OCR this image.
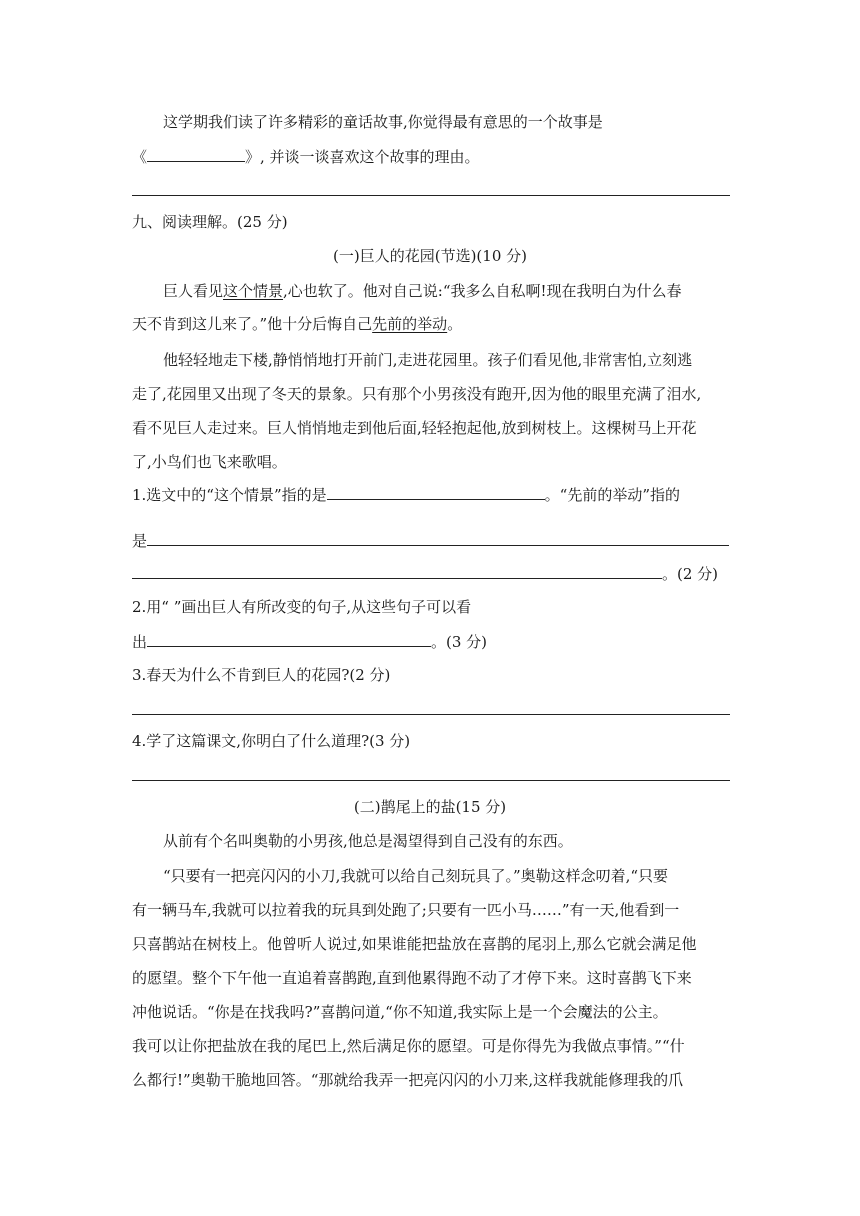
这学期我们读了许多精彩的童话故事,你觉得最有意思的一个故事是
《	》, 并谈一谈喜欢这个故事的理由。
九、阅读理解。(25 分)
(一)巨人的花园(节选)(10 分)
巨人看见这个情景,心也软了。他对自己说:“我多么自私啊!现在我明白为什么春
天不肯到这儿来了。”他十分后悔自己先前的举动。
他轻轻地走下楼,静悄悄地打开前门,走进花园里。孩子们看见他,非常害怕,立刻逃
走了,花园里又出现了冬天的景象。只有那个小男孩没有跑开,因为他的眼里充满了泪水,
看不见巨人走过来。巨人悄悄地走到他后面,轻轻抱起他,放到树枝上。这棵树马上开花
了,小鸟们也飞来歌唱。
1.选文中的“这个情景”指的是	。“先前的举动”指的
是
。(2 分)
2.用“ ”画出巨人有所改变的句子,从这些句子可以看
出	。(3 分)
3.春天为什么不肯到巨人的花园?(2 分)
4.学了这篇课文,你明白了什么道理?(3 分)
(二)鹊尾上的盐(15 分)
从前有个名叫奥勒的小男孩,他总是渴望得到自己没有的东西。
“只要有一把亮闪闪的小刀,我就可以给自己刻玩具了。”奥勒这样念叨着,“只要
有一辆马车,我就可以拉着我的玩具到处跑了;只要有一匹小马……”有一天,他看到一
只喜鹊站在树枝上。他曾听人说过,如果谁能把盐放在喜鹊的尾羽上,那么它就会满足他
的愿望。整个下午他一直追着喜鹊跑,直到他累得跑不动了才停下来。这时喜鹊飞下来
冲他说话。“你是在找我吗?”喜鹊问道,“你不知道,我实际上是一个会魔法的公主。
我可以让你把盐放在我的尾巴上,然后满足你的愿望。可是你得先为我做点事情。”“什
么都行!”奥勒干脆地回答。“那就给我弄一把亮闪闪的小刀来,这样我就能修理我的爪
